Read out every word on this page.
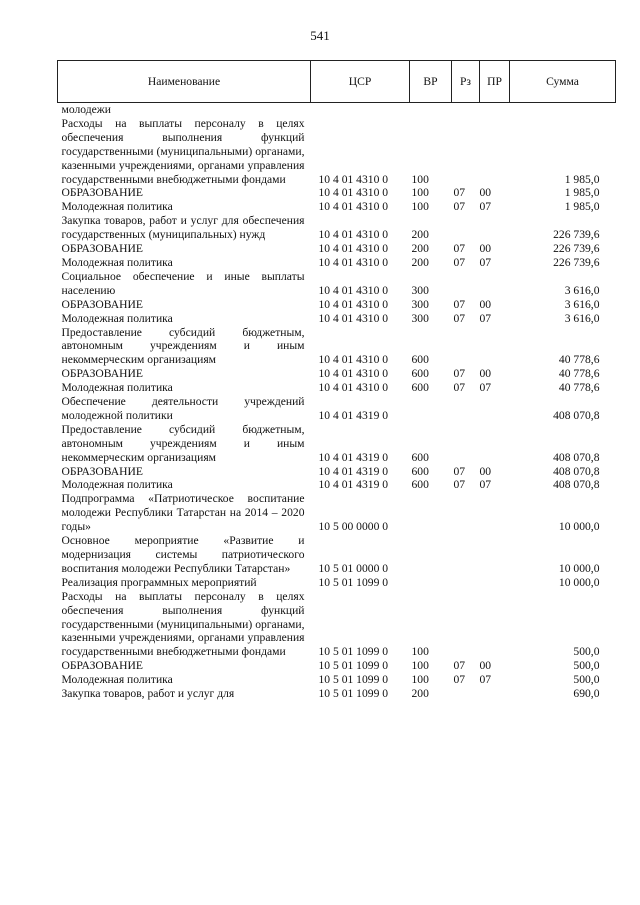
541
Наименование	ЦСР	ВР	Рз	ПР	Сумма
молодежи					
Расходы на выплаты персоналу в целях обеспечения выполнения функций государственными (муниципальными) органами, казенными учреждениями, органами управления государственными внебюджетными фондами	10 4 01 4310 0	100			1 985,0
ОБРАЗОВАНИЕ	10 4 01 4310 0	100	07	00	1 985,0
Молодежная политика	10 4 01 4310 0	100	07	07	1 985,0
Закупка товаров, работ и услуг для обеспечения государственных (муниципальных) нужд	10 4 01 4310 0	200			226 739,6
ОБРАЗОВАНИЕ	10 4 01 4310 0	200	07	00	226 739,6
Молодежная политика	10 4 01 4310 0	200	07	07	226 739,6
Социальное обеспечение и иные выплаты населению	10 4 01 4310 0	300			3 616,0
ОБРАЗОВАНИЕ	10 4 01 4310 0	300	07	00	3 616,0
Молодежная политика	10 4 01 4310 0	300	07	07	3 616,0
Предоставление субсидий бюджетным, автономным учреждениям и иным некоммерческим организациям	10 4 01 4310 0	600			40 778,6
ОБРАЗОВАНИЕ	10 4 01 4310 0	600	07	00	40 778,6
Молодежная политика	10 4 01 4310 0	600	07	07	40 778,6
Обеспечение деятельности учреждений молодежной политики	10 4 01 4319 0				408 070,8
Предоставление субсидий бюджетным, автономным учреждениям и иным некоммерческим организациям	10 4 01 4319 0	600			408 070,8
ОБРАЗОВАНИЕ	10 4 01 4319 0	600	07	00	408 070,8
Молодежная политика	10 4 01 4319 0	600	07	07	408 070,8
Подпрограмма «Патриотическое воспитание молодежи Республики Татарстан на 2014 – 2020 годы»	10 5 00 0000 0				10 000,0
Основное мероприятие «Развитие и модернизация системы патриотического воспитания молодежи Республики Татарстан»	10 5 01 0000 0				10 000,0
Реализация программных мероприятий	10 5 01 1099 0				10 000,0
Расходы на выплаты персоналу в целях обеспечения выполнения функций государственными (муниципальными) органами, казенными учреждениями, органами управления государственными внебюджетными фондами	10 5 01 1099 0	100			500,0
ОБРАЗОВАНИЕ	10 5 01 1099 0	100	07	00	500,0
Молодежная политика	10 5 01 1099 0	100	07	07	500,0
Закупка товаров, работ и услуг для	10 5 01 1099 0	200			690,0
